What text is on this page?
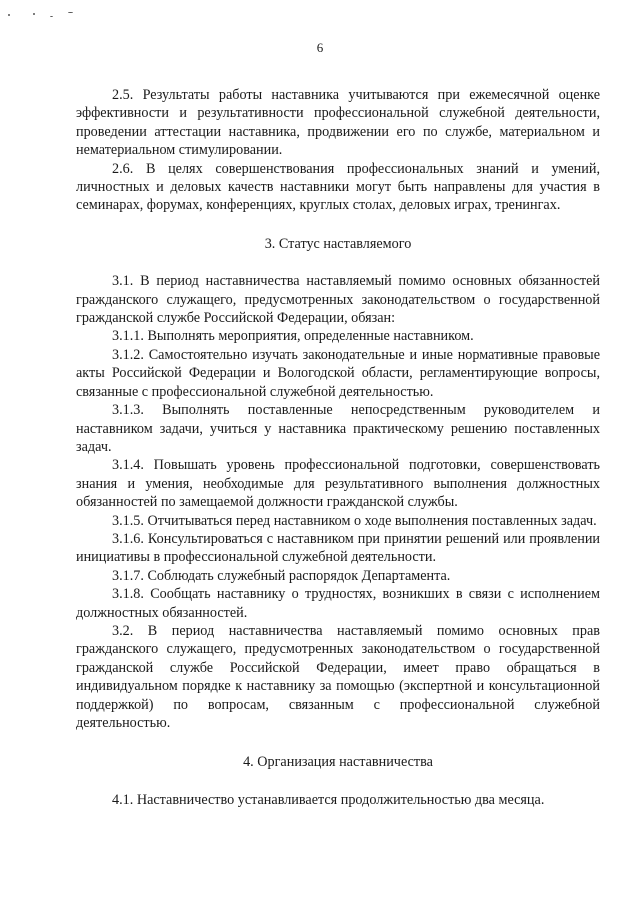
6

2.5. Результаты работы наставника учитываются при ежемесячной оценке эффективности и результативности профессиональной служебной деятельности, проведении аттестации наставника, продвижении его по службе, материальном и нематериальном стимулировании.

2.6. В целях совершенствования профессиональных знаний и умений, личностных и деловых качеств наставники могут быть направлены для участия в семинарах, форумах, конференциях, круглых столах, деловых играх, тренингах.

3. Статус наставляемого

3.1. В период наставничества наставляемый помимо основных обязанностей гражданского служащего, предусмотренных законодательством о государственной гражданской службе Российской Федерации, обязан:

3.1.1. Выполнять мероприятия, определенные наставником.

3.1.2. Самостоятельно изучать законодательные и иные нормативные правовые акты Российской Федерации и Вологодской области, регламентирующие вопросы, связанные с профессиональной служебной деятельностью.

3.1.3. Выполнять поставленные непосредственным руководителем и наставником задачи, учиться у наставника практическому решению поставленных задач.

3.1.4. Повышать уровень профессиональной подготовки, совершенствовать знания и умения, необходимые для результативного выполнения должностных обязанностей по замещаемой должности гражданской службы.

3.1.5. Отчитываться перед наставником о ходе выполнения поставленных задач.

3.1.6. Консультироваться с наставником при принятии решений или проявлении инициативы в профессиональной служебной деятельности.

3.1.7. Соблюдать служебный распорядок Департамента.

3.1.8. Сообщать наставнику о трудностях, возникших в связи с исполнением должностных обязанностей.

3.2. В период наставничества наставляемый помимо основных прав гражданского служащего, предусмотренных законодательством о государственной гражданской службе Российской Федерации, имеет право обращаться в индивидуальном порядке к наставнику за помощью (экспертной и консультационной поддержкой) по вопросам, связанным с профессиональной служебной деятельностью.

4. Организация наставничества

4.1. Наставничество устанавливается продолжительностью два месяца.
